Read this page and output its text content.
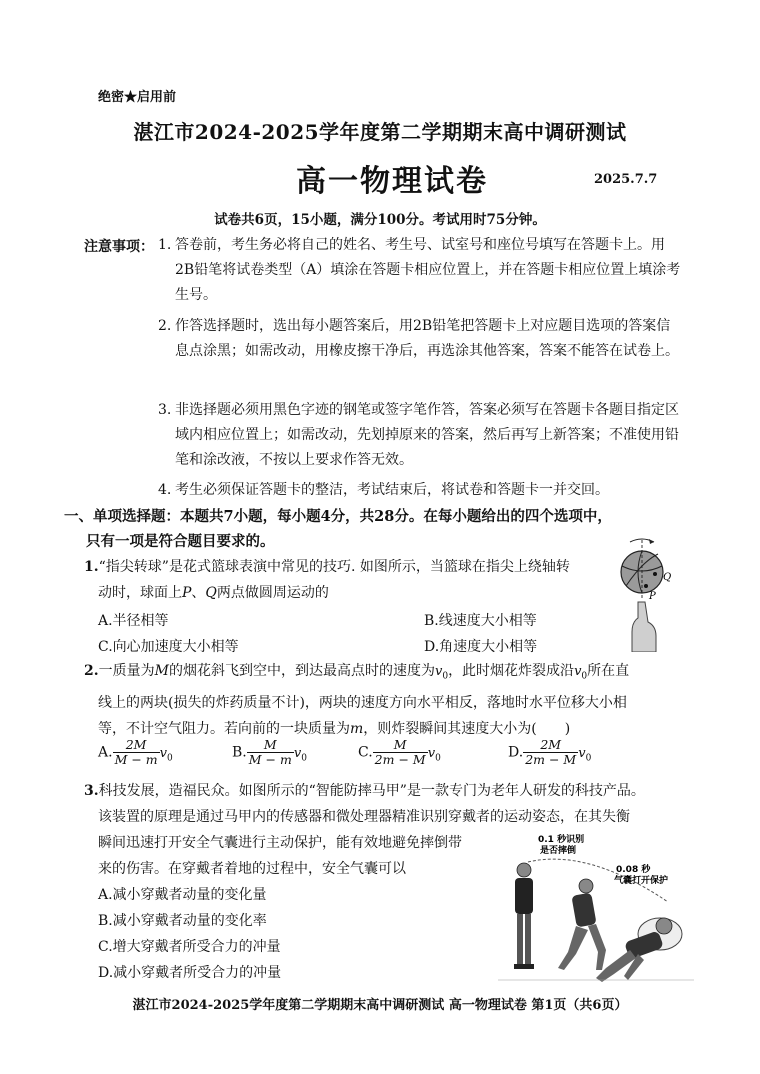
绝密★启用前
湛江市2024-2025学年度第二学期期末高中调研测试
高一物理试卷	2025.7.7
试卷共6页，15小题，满分100分。考试用时75分钟。
注意事项： 1. 答卷前，考生务必将自己的姓名、考生号、试室号和座位号填写在答题卡上。用2B铅笔将试卷类型（A）填涂在答题卡相应位置上，并在答题卡相应位置上填涂考生号。
2. 作答选择题时，选出每小题答案后，用2B铅笔把答题卡上对应题目选项的答案信息点涂黑；如需改动，用橡皮擦干净后，再选涂其他答案，答案不能答在试卷上。
3. 非选择题必须用黑色字迹的钢笔或签字笔作答，答案必须写在答题卡各题目指定区域内相应位置上；如需改动，先划掉原来的答案，然后再写上新答案；不准使用铅笔和涂改液，不按以上要求作答无效。
4. 考生必须保证答题卡的整洁，考试结束后，将试卷和答题卡一并交回。
一、单项选择题：本题共7小题，每小题4分，共28分。在每小题给出的四个选项中，
只有一项是符合题目要求的。
1.“指尖转球”是花式篮球表演中常见的技巧. 如图所示，当篮球在指尖上绕轴转
动时，球面上P、Q两点做圆周运动的
A.半径相等	B.线速度大小相等
C.向心加速度大小相等	D.角速度大小相等
Q
P
2.一质量为M的烟花斜飞到空中，到达最高点时的速度为$v_0$，此时烟花炸裂成沿$v_0$所在直
线上的两块(损失的炸药质量不计)，两块的速度方向水平相反，落地时水平位移大小相
等，不计空气阻力。若向前的一块质量为m，则炸裂瞬间其速度大小为(　　)
A. $\frac{2M}{M - m} v_0$	B. $\frac{M}{M - m} v_0$	C. $\frac{M}{2m - M} v_0$	D. $\frac{2M}{2m - M} v_0$
3.科技发展，造福民众。如图所示的“智能防摔马甲”是一款专门为老年人研发的科技产品。
该装置的原理是通过马甲内的传感器和微处理器精准识别穿戴者的运动姿态，在其失衡
瞬间迅速打开安全气囊进行主动保护，能有效地避免摔倒带
来的伤害。在穿戴者着地的过程中，安全气囊可以
A.减小穿戴者动量的变化量
B.减小穿戴者动量的变化率
C.增大穿戴者所受合力的冲量
D.减小穿戴者所受合力的冲量
0.1 秒识别
是否摔倒
0.08 秒
气囊打开保护
湛江市2024-2025学年度第二学期期末高中调研测试 高一物理试卷 第1页（共6页）
